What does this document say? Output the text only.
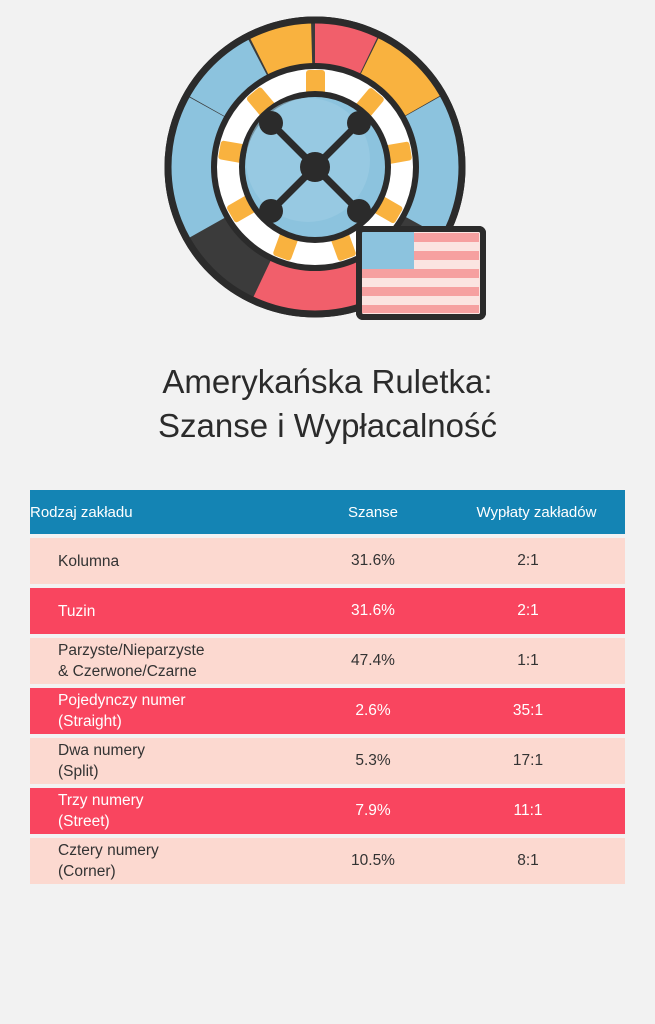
Amerykańska Ruletka:
Szanse i Wypłacalność
Rodzaj zakładu	Szanse	Wypłaty zakładów
Kolumna	31.6%	2:1
Tuzin	31.6%	2:1

Parzyste/Nieparzyste
& Czerwone/Czarne	47.4%	1:1

Pojedynczy numer
(Straight)	2.6%	35:1

Dwa numery
(Split)	5.3%	17:1

Trzy numery
(Street)	7.9%	11:1

Cztery numery
(Corner)	10.5%	8:1
